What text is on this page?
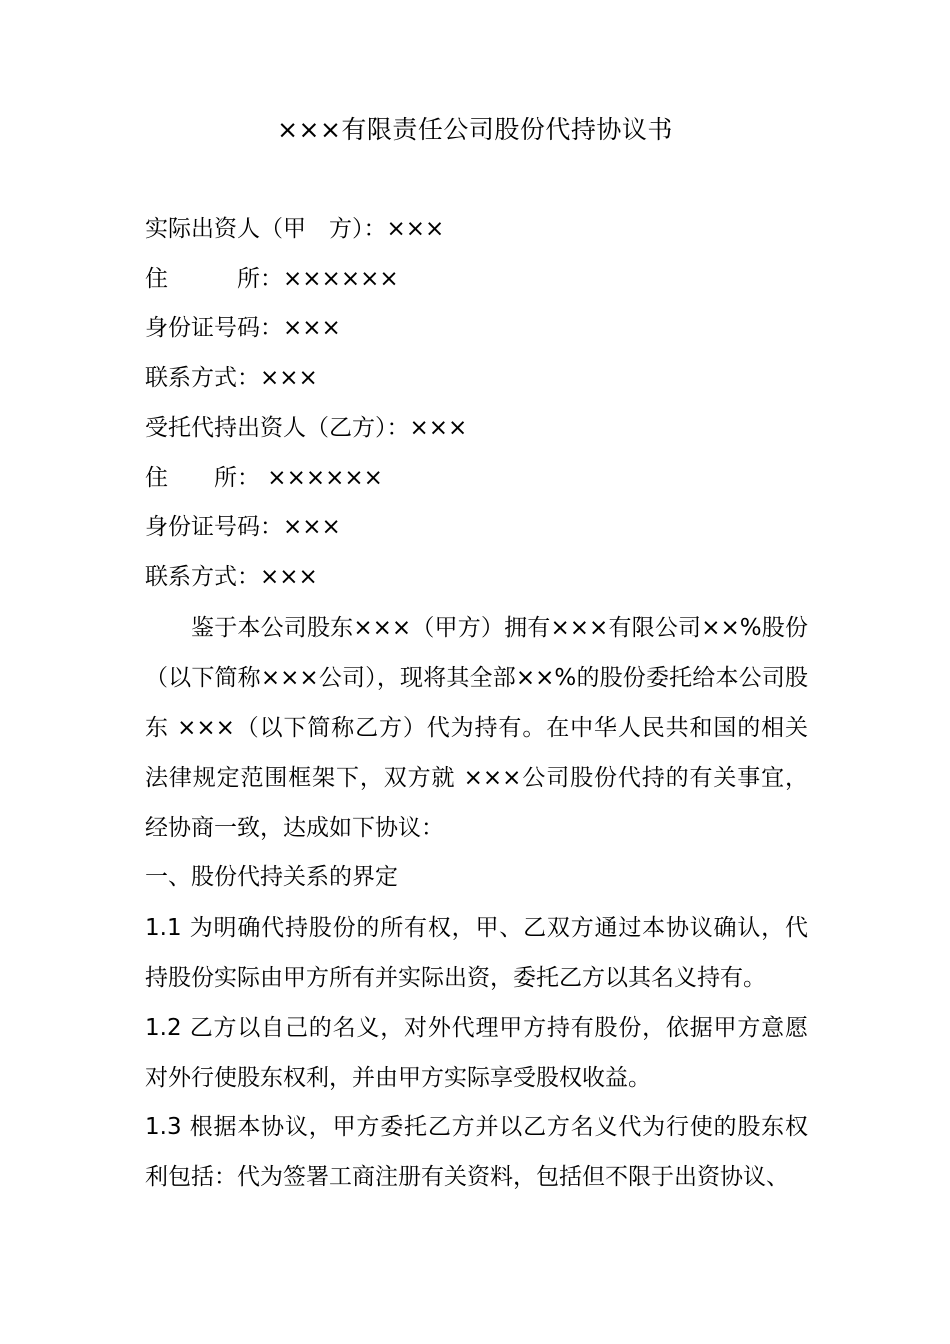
×××有限责任公司股份代持协议书
实际出资人（甲　方）：×××
住　　　所：××××××
身份证号码：×××
联系方式：×××
受托代持出资人（乙方）：×××
住　　所： ××××××
身份证号码：×××
联系方式：×××
鉴于本公司股东×××（甲方）拥有×××有限公司××%股份（以下简称×××公司），现将其全部××%的股份委托给本公司股东 ×××（以下简称乙方）代为持有。在中华人民共和国的相关法律规定范围框架下，双方就 ×××公司股份代持的有关事宜，经协商一致，达成如下协议：
一、股份代持关系的界定
1.1 为明确代持股份的所有权，甲、乙双方通过本协议确认，代持股份实际由甲方所有并实际出资，委托乙方以其名义持有。
1.2 乙方以自己的名义，对外代理甲方持有股份，依据甲方意愿对外行使股东权利，并由甲方实际享受股权收益。
1.3 根据本协议，甲方委托乙方并以乙方名义代为行使的股东权利包括：代为签署工商注册有关资料，包括但不限于出资协议、
